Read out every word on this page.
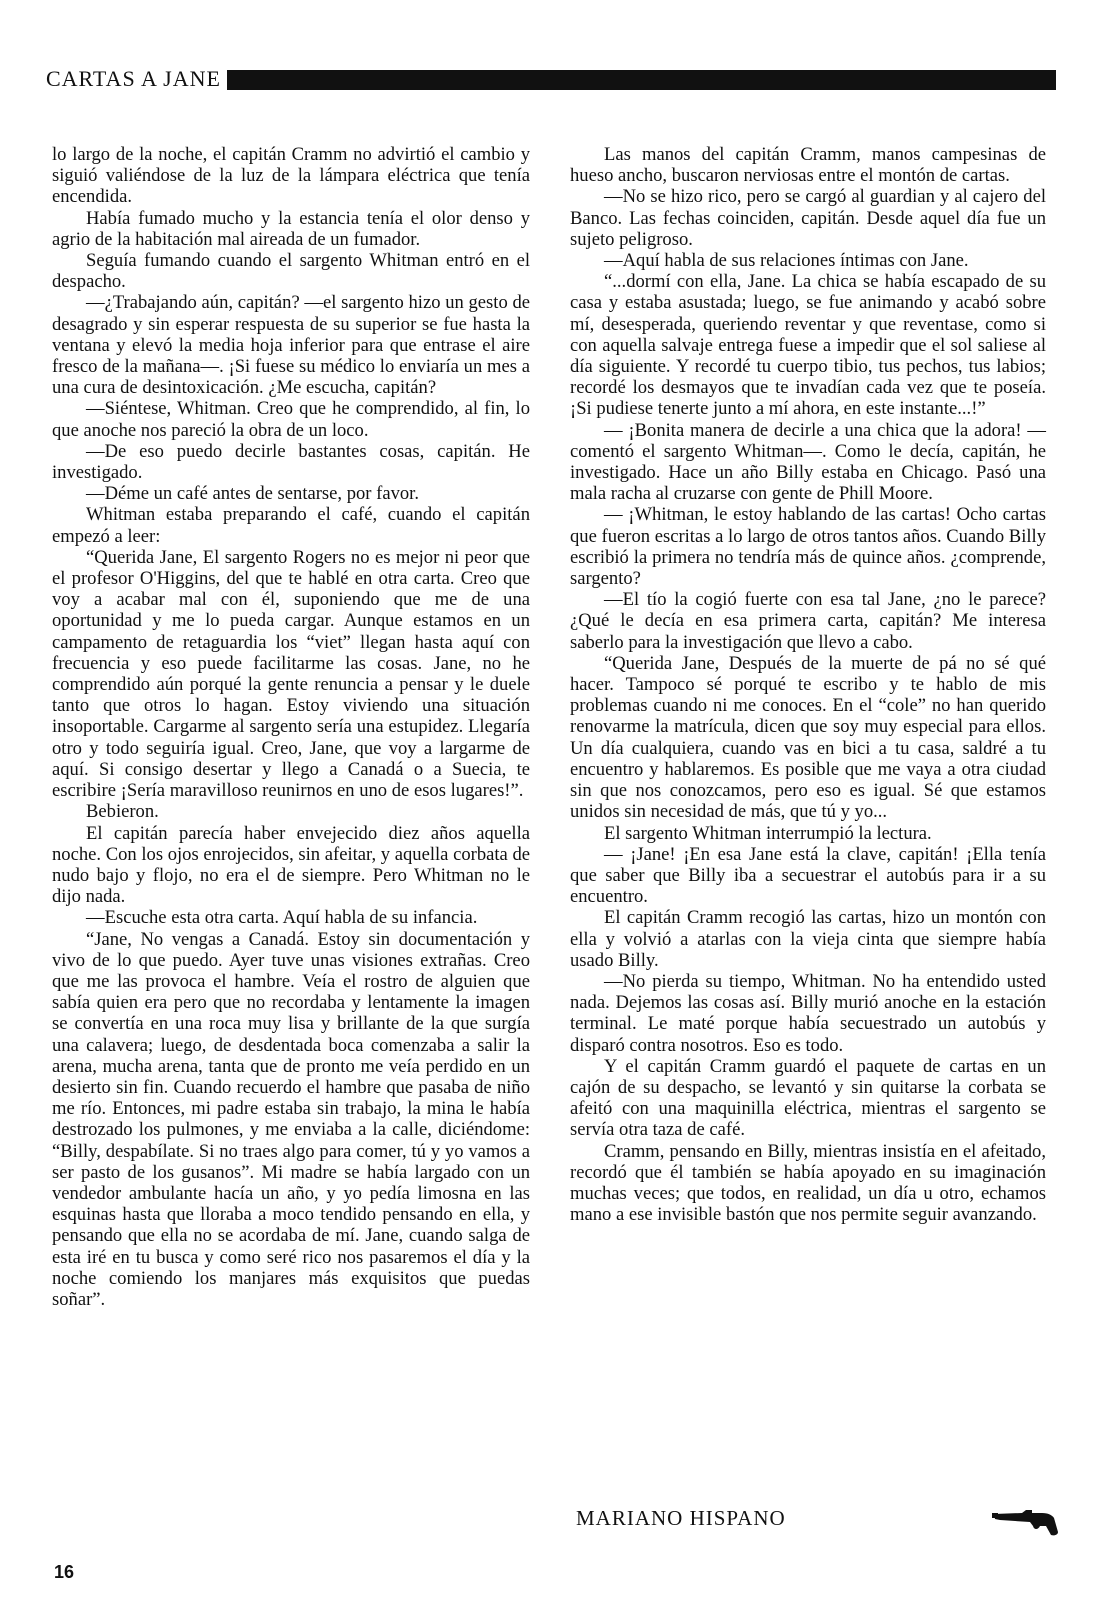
CARTAS A JANE

lo largo de la noche, el capitán Cramm no advirtió el cambio y siguió valiéndose de la luz de la lámpara eléctrica que tenía encendida.

Había fumado mucho y la estancia tenía el olor denso y agrio de la habitación mal aireada de un fumador.

Seguía fumando cuando el sargento Whitman entró en el despacho.

—¿Trabajando aún, capitán? —el sargento hizo un gesto de desagrado y sin esperar respuesta de su superior se fue hasta la ventana y elevó la media hoja inferior para que entrase el aire fresco de la mañana—. ¡Si fuese su médico lo enviaría un mes a una cura de desintoxicación. ¿Me escucha, capitán?

—Siéntese, Whitman. Creo que he comprendido, al fin, lo que anoche nos pareció la obra de un loco.

—De eso puedo decirle bastantes cosas, capitán. He investigado.

—Déme un café antes de sentarse, por favor.

Whitman estaba preparando el café, cuando el capitán empezó a leer:

“Querida Jane, El sargento Rogers no es mejor ni peor que el profesor O'Higgins, del que te hablé en otra carta. Creo que voy a acabar mal con él, suponiendo que me de una oportunidad y me lo pueda cargar. Aunque estamos en un campamento de retaguardia los “viet” llegan hasta aquí con frecuencia y eso puede facilitarme las cosas. Jane, no he comprendido aún porqué la gente renuncia a pensar y le duele tanto que otros lo hagan. Estoy viviendo una situación insoportable. Cargarme al sargento sería una estupidez. Llegaría otro y todo seguiría igual. Creo, Jane, que voy a largarme de aquí. Si consigo desertar y llego a Canadá o a Suecia, te escribire ¡Sería maravilloso reunirnos en uno de esos lugares!”.

Bebieron.

El capitán parecía haber envejecido diez años aquella noche. Con los ojos enrojecidos, sin afeitar, y aquella corbata de nudo bajo y flojo, no era el de siempre. Pero Whitman no le dijo nada.

—Escuche esta otra carta. Aquí habla de su infancia.

“Jane, No vengas a Canadá. Estoy sin documentación y vivo de lo que puedo. Ayer tuve unas visiones extrañas. Creo que me las provoca el hambre. Veía el rostro de alguien que sabía quien era pero que no recordaba y lentamente la imagen se convertía en una roca muy lisa y brillante de la que surgía una calavera; luego, de desdentada boca comenzaba a salir la arena, mucha arena, tanta que de pronto me veía perdido en un desierto sin fin. Cuando recuerdo el hambre que pasaba de niño me río. Entonces, mi padre estaba sin trabajo, la mina le había destrozado los pulmones, y me enviaba a la calle, diciéndome: “Billy, despabílate. Si no traes algo para comer, tú y yo vamos a ser pasto de los gusanos”. Mi madre se había largado con un vendedor ambulante hacía un año, y yo pedía limosna en las esquinas hasta que lloraba a moco tendido pensando en ella, y pensando que ella no se acordaba de mí. Jane, cuando salga de esta iré en tu busca y como seré rico nos pasaremos el día y la noche comiendo los manjares más exquisitos que puedas soñar”.

Las manos del capitán Cramm, manos campesinas de hueso ancho, buscaron nerviosas entre el montón de cartas.

—No se hizo rico, pero se cargó al guardian y al cajero del Banco. Las fechas coinciden, capitán. Desde aquel día fue un sujeto peligroso.

—Aquí habla de sus relaciones íntimas con Jane.

“...dormí con ella, Jane. La chica se había escapado de su casa y estaba asustada; luego, se fue animando y acabó sobre mí, desesperada, queriendo reventar y que reventase, como si con aquella salvaje entrega fuese a impedir que el sol saliese al día siguiente. Y recordé tu cuerpo tibio, tus pechos, tus labios; recordé los desmayos que te invadían cada vez que te poseía. ¡Si pudiese tenerte junto a mí ahora, en este instante...!”

— ¡Bonita manera de decirle a una chica que la adora! —comentó el sargento Whitman—. Como le decía, capitán, he investigado. Hace un año Billy estaba en Chicago. Pasó una mala racha al cruzarse con gente de Phill Moore.

— ¡Whitman, le estoy hablando de las cartas! Ocho cartas que fueron escritas a lo largo de otros tantos años. Cuando Billy escribió la primera no tendría más de quince años. ¿comprende, sargento?

—El tío la cogió fuerte con esa tal Jane, ¿no le parece? ¿Qué le decía en esa primera carta, capitán? Me interesa saberlo para la investigación que llevo a cabo.

“Querida Jane, Después de la muerte de pá no sé qué hacer. Tampoco sé porqué te escribo y te hablo de mis problemas cuando ni me conoces. En el “cole” no han querido renovarme la matrícula, dicen que soy muy especial para ellos. Un día cualquiera, cuando vas en bici a tu casa, saldré a tu encuentro y hablaremos. Es posible que me vaya a otra ciudad sin que nos conozcamos, pero eso es igual. Sé que estamos unidos sin necesidad de más, que tú y yo...

El sargento Whitman interrumpió la lectura.

— ¡Jane! ¡En esa Jane está la clave, capitán! ¡Ella tenía que saber que Billy iba a secuestrar el autobús para ir a su encuentro.

El capitán Cramm recogió las cartas, hizo un montón con ella y volvió a atarlas con la vieja cinta que siempre había usado Billy.

—No pierda su tiempo, Whitman. No ha entendido usted nada. Dejemos las cosas así. Billy murió anoche en la estación terminal. Le maté porque había secuestrado un autobús y disparó contra nosotros. Eso es todo.

Y el capitán Cramm guardó el paquete de cartas en un cajón de su despacho, se levantó y sin quitarse la corbata se afeitó con una maquinilla eléctrica, mientras el sargento se servía otra taza de café.

Cramm, pensando en Billy, mientras insistía en el afeitado, recordó que él también se había apoyado en su imaginación muchas veces; que todos, en realidad, un día u otro, echamos mano a ese invisible bastón que nos permite seguir avanzando.

MARIANO HISPANO
16
